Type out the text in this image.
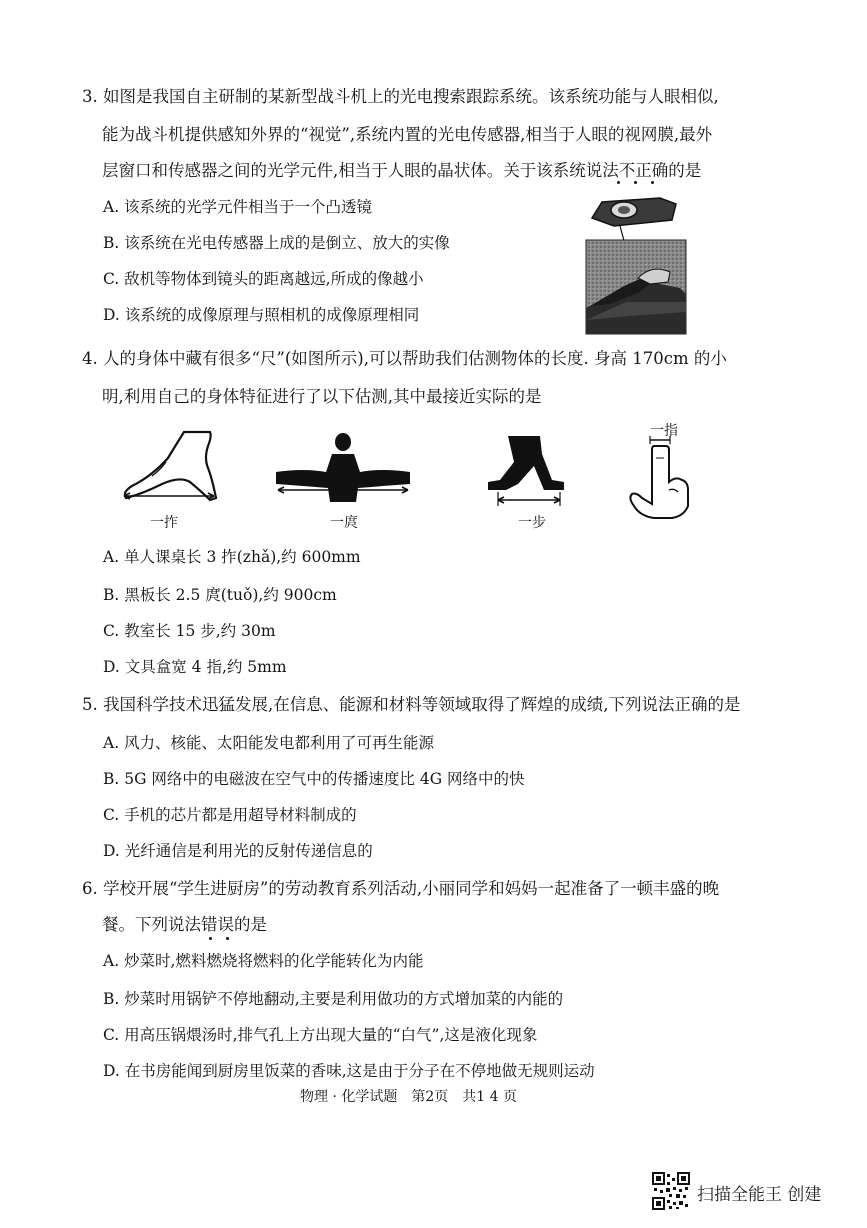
3. 如图是我国自主研制的某新型战斗机上的光电搜索跟踪系统。该系统功能与人眼相似,
能为战斗机提供感知外界的“视觉”,系统内置的光电传感器,相当于人眼的视网膜,最外
层窗口和传感器之间的光学元件,相当于人眼的晶状体。关于该系统说法不正确的是
A. 该系统的光学元件相当于一个凸透镜
B. 该系统在光电传感器上成的是倒立、放大的实像
C. 敌机等物体到镜头的距离越远,所成的像越小
D. 该系统的成像原理与照相机的成像原理相同
4. 人的身体中藏有很多“尺”(如图所示),可以帮助我们估测物体的长度. 身高 170cm 的小
明,利用自己的身体特征进行了以下估测,其中最接近实际的是
一拃	一庹	一步
一指
A. 单人课桌长 3 拃(zhǎ),约 600mm
B. 黑板长 2.5 庹(tuǒ),约 900cm
C. 教室长 15 步,约 30m
D. 文具盒宽 4 指,约 5mm
5. 我国科学技术迅猛发展,在信息、能源和材料等领域取得了辉煌的成绩,下列说法正确的是
A. 风力、核能、太阳能发电都利用了可再生能源
B. 5G 网络中的电磁波在空气中的传播速度比 4G 网络中的快
C. 手机的芯片都是用超导材料制成的
D. 光纤通信是利用光的反射传递信息的
6. 学校开展“学生进厨房”的劳动教育系列活动,小丽同学和妈妈一起准备了一顿丰盛的晚
餐。下列说法错误的是
A. 炒菜时,燃料燃烧将燃料的化学能转化为内能
B. 炒菜时用锅铲不停地翻动,主要是利用做功的方式增加菜的内能的
C. 用高压锅煨汤时,排气孔上方出现大量的“白气”,这是液化现象
D. 在书房能闻到厨房里饭菜的香味,这是由于分子在不停地做无规则运动
物理 · 化学试题　第2页　共1 4 页
扫描全能王 创建
